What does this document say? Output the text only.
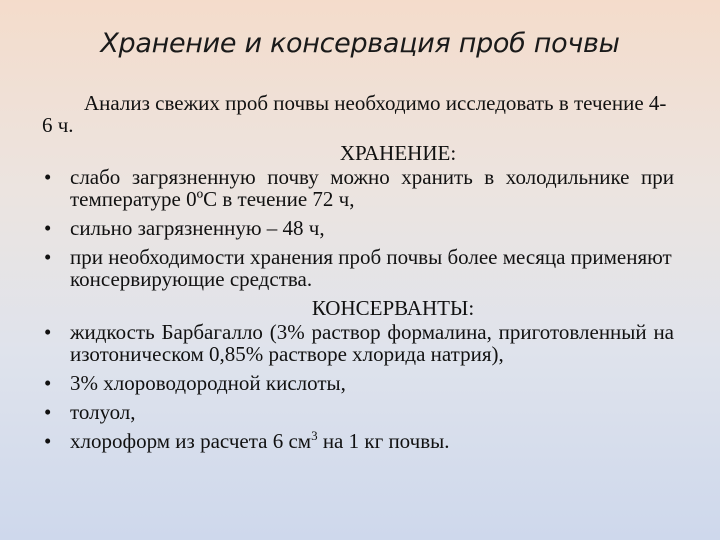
Хранение и консервация проб почвы

Анализ свежих проб почвы необходимо исследовать в течение 4-6 ч.

ХРАНЕНИЕ:
• слабо загрязненную почву можно хранить в холодильнике при температуре 0ºС в течение 72 ч,
• сильно загрязненную – 48 ч,
• при необходимости хранения проб почвы более месяца применяют консервирующие средства.
КОНСЕРВАНТЫ:
• жидкость Барбагалло (3% раствор формалина, приготовленный на изотоническом 0,85% растворе хлорида натрия),
• 3% хлороводородной кислоты,
• толуол,
• хлороформ из расчета 6 $см^3$ на 1 кг почвы.
